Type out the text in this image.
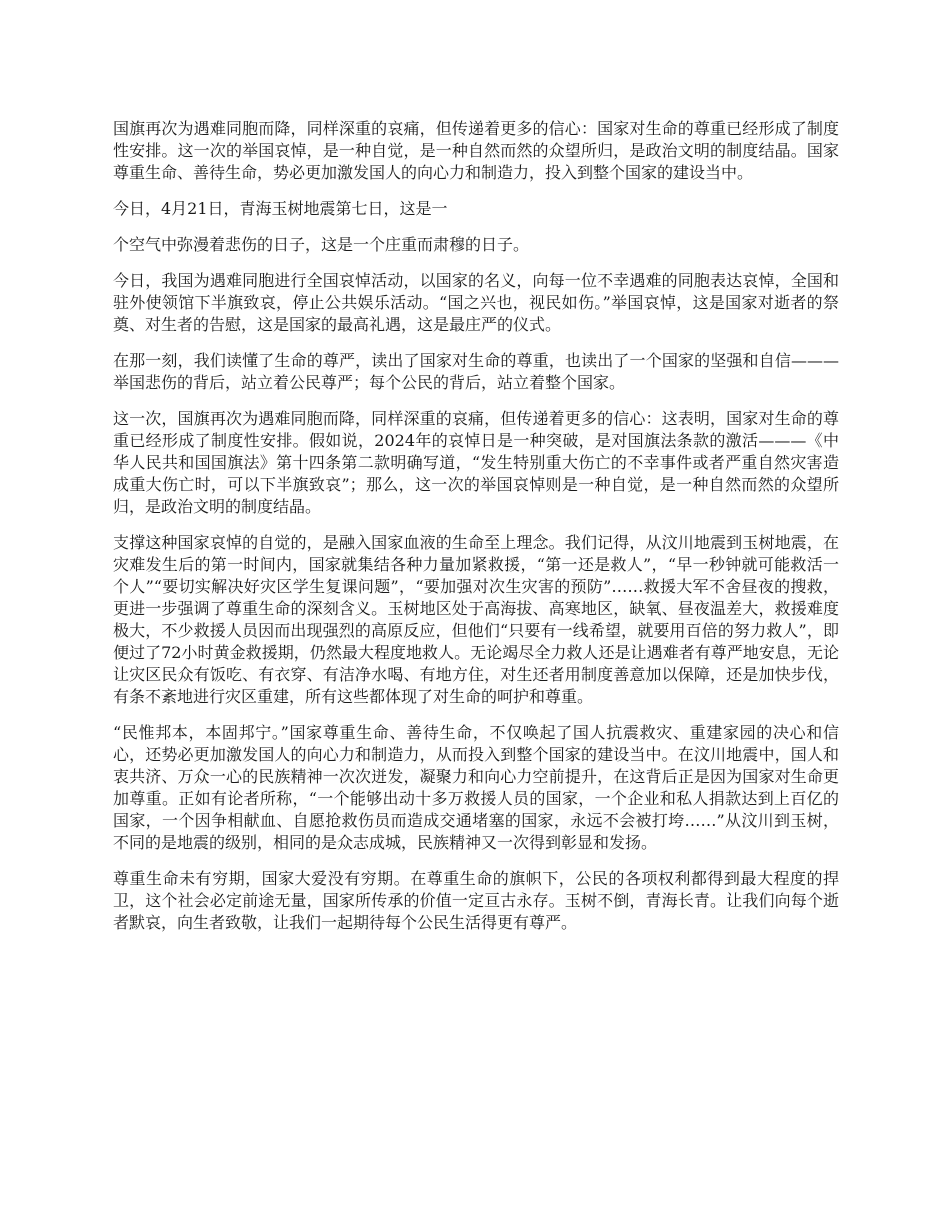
国旗再次为遇难同胞而降，同样深重的哀痛，但传递着更多的信心：国家对生命的尊重已经形成了制度性安排。这一次的举国哀悼，是一种自觉，是一种自然而然的众望所归，是政治文明的制度结晶。国家尊重生命、善待生命，势必更加激发国人的向心力和制造力，投入到整个国家的建设当中。

今日，4月21日，青海玉树地震第七日，这是一

个空气中弥漫着悲伤的日子，这是一个庄重而肃穆的日子。

今日，我国为遇难同胞进行全国哀悼活动，以国家的名义，向每一位不幸遇难的同胞表达哀悼，全国和驻外使领馆下半旗致哀，停止公共娱乐活动。“国之兴也，视民如伤。”举国哀悼，这是国家对逝者的祭奠、对生者的告慰，这是国家的最高礼遇，这是最庄严的仪式。

在那一刻，我们读懂了生命的尊严，读出了国家对生命的尊重，也读出了一个国家的坚强和自信———举国悲伤的背后，站立着公民尊严；每个公民的背后，站立着整个国家。

这一次，国旗再次为遇难同胞而降，同样深重的哀痛，但传递着更多的信心：这表明，国家对生命的尊重已经形成了制度性安排。假如说，2024年的哀悼日是一种突破，是对国旗法条款的激活———《中华人民共和国国旗法》第十四条第二款明确写道，“发生特别重大伤亡的不幸事件或者严重自然灾害造成重大伤亡时，可以下半旗致哀”；那么，这一次的举国哀悼则是一种自觉，是一种自然而然的众望所归，是政治文明的制度结晶。

支撑这种国家哀悼的自觉的，是融入国家血液的生命至上理念。我们记得，从汶川地震到玉树地震，在灾难发生后的第一时间内，国家就集结各种力量加紧救援，“第一还是救人”，“早一秒钟就可能救活一个人”“要切实解决好灾区学生复课问题”，“要加强对次生灾害的预防”……救援大军不舍昼夜的搜救，更进一步强调了尊重生命的深刻含义。玉树地区处于高海拔、高寒地区，缺氧、昼夜温差大，救援难度极大，不少救援人员因而出现强烈的高原反应，但他们“只要有一线希望，就要用百倍的努力救人”，即便过了72小时黄金救援期，仍然最大程度地救人。无论竭尽全力救人还是让遇难者有尊严地安息，无论让灾区民众有饭吃、有衣穿、有洁净水喝、有地方住，对生还者用制度善意加以保障，还是加快步伐，有条不紊地进行灾区重建，所有这些都体现了对生命的呵护和尊重。

“民惟邦本，本固邦宁。”国家尊重生命、善待生命，不仅唤起了国人抗震救灾、重建家园的决心和信心，还势必更加激发国人的向心力和制造力，从而投入到整个国家的建设当中。在汶川地震中，国人和衷共济、万众一心的民族精神一次次迸发，凝聚力和向心力空前提升，在这背后正是因为国家对生命更加尊重。正如有论者所称，“一个能够出动十多万救援人员的国家，一个企业和私人捐款达到上百亿的国家，一个因争相献血、自愿抢救伤员而造成交通堵塞的国家，永远不会被打垮……”从汶川到玉树，不同的是地震的级别，相同的是众志成城，民族精神又一次得到彰显和发扬。

尊重生命未有穷期，国家大爱没有穷期。在尊重生命的旗帜下，公民的各项权利都得到最大程度的捍卫，这个社会必定前途无量，国家所传承的价值一定亘古永存。玉树不倒，青海长青。让我们向每个逝者默哀，向生者致敬，让我们一起期待每个公民生活得更有尊严。
